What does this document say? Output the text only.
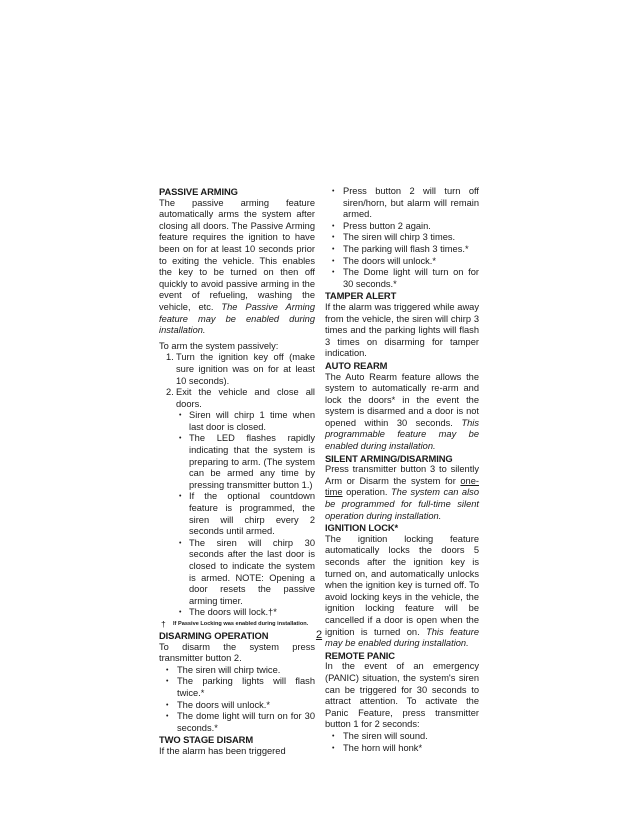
PASSIVE ARMING

The passive arming feature automatically arms the system after closing all doors. The Passive Arming feature requires the ignition to have been on for at least 10 seconds prior to exiting the vehicle. This enables the key to be turned on then off quickly to avoid passive arming in the event of refueling, washing the vehicle, etc. The Passive Arming feature may be enabled during installation.

To arm the system passively:

1. Turn the ignition key off (make sure ignition was on for at least 10 seconds).
2. Exit the vehicle and close all doors.
• Siren will chirp 1 time when last door is closed.
• The LED flashes rapidly indicating that the system is preparing to arm. (The system can be armed any time by pressing transmitter button 1.)
• If the optional countdown feature is programmed, the siren will chirp every 2 seconds until armed.
• The siren will chirp 30 seconds after the last door is closed to indicate the system is armed. NOTE: Opening a door resets the passive arming timer.
• The doors will lock.†*
† If Passive Locking was enabled during installation.
DISARMING OPERATION

To disarm the system press transmitter button 2.

• The siren will chirp twice.
• The parking lights will flash twice.*
• The doors will unlock.*
• The dome light will turn on for 30 seconds.*
TWO STAGE DISARM

If the alarm has been triggered

• Press button 2 will turn off siren/horn, but alarm will remain armed.
• Press button 2 again.
• The siren will chirp 3 times.
• The parking will flash 3 times.*
• The doors will unlock.*
• The Dome light will turn on for 30 seconds.*
TAMPER ALERT

If the alarm was triggered while away from the vehicle, the siren will chirp 3 times and the parking lights will flash 3 times on disarming for tamper indication.

AUTO REARM

The Auto Rearm feature allows the system to automatically re-arm and lock the doors* in the event the system is disarmed and a door is not opened within 30 seconds. This programmable feature may be enabled during installation.

SILENT ARMING/DISARMING

Press transmitter button 3 to silently Arm or Disarm the system for one-time operation. The system can also be programmed for full-time silent operation during installation.

IGNITION LOCK*

The ignition locking feature automatically locks the doors 5 seconds after the ignition key is turned on, and automatically unlocks when the ignition key is turned off. To avoid locking keys in the vehicle, the ignition locking feature will be cancelled if a door is open when the ignition is turned on. This feature may be enabled during installation.

REMOTE PANIC

In the event of an emergency (PANIC) situation, the system's siren can be triggered for 30 seconds to attract attention. To activate the Panic Feature, press transmitter button 1 for 2 seconds:

• The siren will sound.
• The horn will honk*
2
